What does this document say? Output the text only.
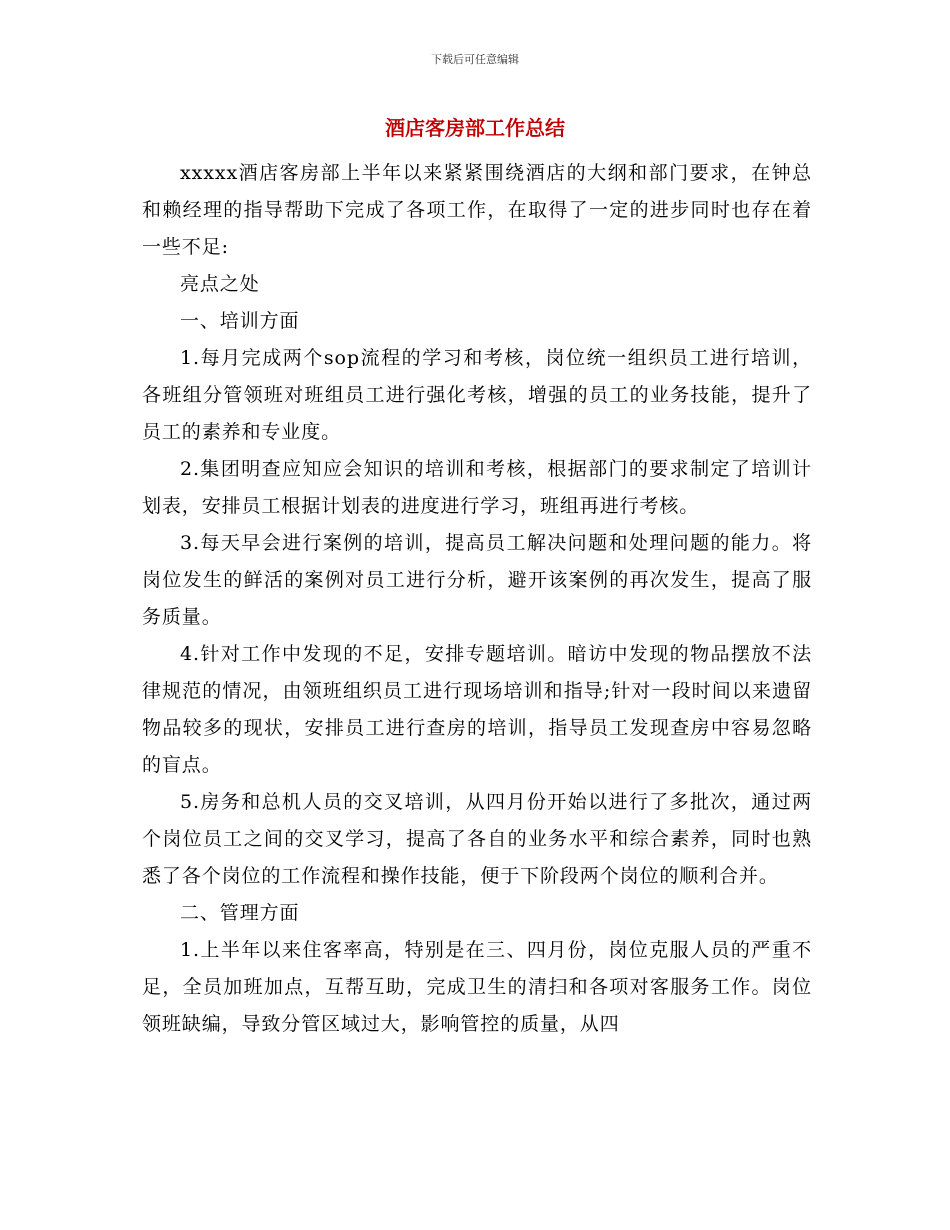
下载后可任意编辑
酒店客房部工作总结

xxxxx酒店客房部上半年以来紧紧围绕酒店的大纲和部门要求，在钟总和赖经理的指导帮助下完成了各项工作，在取得了一定的进步同时也存在着一些不足:

亮点之处

一、培训方面

1.每月完成两个sop流程的学习和考核，岗位统一组织员工进行培训，各班组分管领班对班组员工进行强化考核，增强的员工的业务技能，提升了员工的素养和专业度。

2.集团明查应知应会知识的培训和考核，根据部门的要求制定了培训计划表，安排员工根据计划表的进度进行学习，班组再进行考核。

3.每天早会进行案例的培训，提高员工解决问题和处理问题的能力。将岗位发生的鲜活的案例对员工进行分析，避开该案例的再次发生，提高了服务质量。

4.针对工作中发现的不足，安排专题培训。暗访中发现的物品摆放不法律规范的情况，由领班组织员工进行现场培训和指导;针对一段时间以来遗留物品较多的现状，安排员工进行查房的培训，指导员工发现查房中容易忽略的盲点。

5.房务和总机人员的交叉培训，从四月份开始以进行了多批次，通过两个岗位员工之间的交叉学习，提高了各自的业务水平和综合素养，同时也熟悉了各个岗位的工作流程和操作技能，便于下阶段两个岗位的顺利合并。

二、管理方面

1.上半年以来住客率高，特别是在三、四月份，岗位克服人员的严重不足，全员加班加点，互帮互助，完成卫生的清扫和各项对客服务工作。岗位领班缺编，导致分管区域过大，影响管控的质量，从四
